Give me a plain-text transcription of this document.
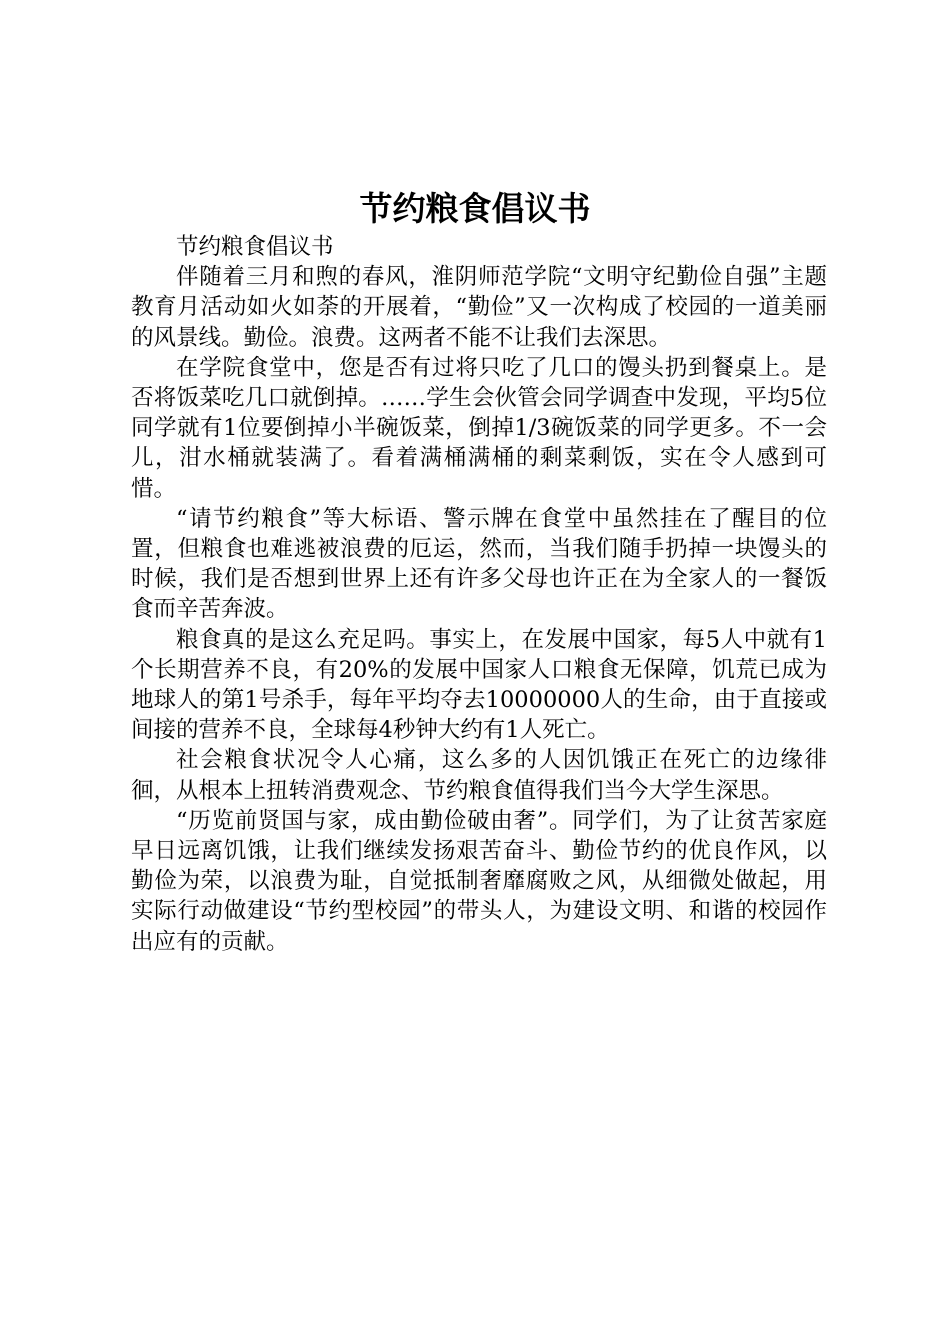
节约粮食倡议书

节约粮食倡议书

伴随着三月和煦的春风，淮阴师范学院“文明守纪勤俭自强”主题教育月活动如火如荼的开展着，“勤俭”又一次构成了校园的一道美丽的风景线。勤俭。浪费。这两者不能不让我们去深思。

在学院食堂中，您是否有过将只吃了几口的馒头扔到餐桌上。是否将饭菜吃几口就倒掉。……学生会伙管会同学调查中发现，平均5位同学就有1位要倒掉小半碗饭菜，倒掉1/3碗饭菜的同学更多。不一会儿，泔水桶就装满了。看着满桶满桶的剩菜剩饭，实在令人感到可惜。

“请节约粮食”等大标语、警示牌在食堂中虽然挂在了醒目的位置，但粮食也难逃被浪费的厄运，然而，当我们随手扔掉一块馒头的时候，我们是否想到世界上还有许多父母也许正在为全家人的一餐饭食而辛苦奔波。

粮食真的是这么充足吗。事实上，在发展中国家，每5人中就有1个长期营养不良，有20%的发展中国家人口粮食无保障，饥荒已成为地球人的第1号杀手，每年平均夺去10000000人的生命，由于直接或间接的营养不良，全球每4秒钟大约有1人死亡。

社会粮食状况令人心痛，这么多的人因饥饿正在死亡的边缘徘徊，从根本上扭转消费观念、节约粮食值得我们当今大学生深思。

“历览前贤国与家，成由勤俭破由奢”。同学们，为了让贫苦家庭早日远离饥饿，让我们继续发扬艰苦奋斗、勤俭节约的优良作风，以勤俭为荣，以浪费为耻，自觉抵制奢靡腐败之风，从细微处做起，用实际行动做建设“节约型校园”的带头人，为建设文明、和谐的校园作出应有的贡献。
